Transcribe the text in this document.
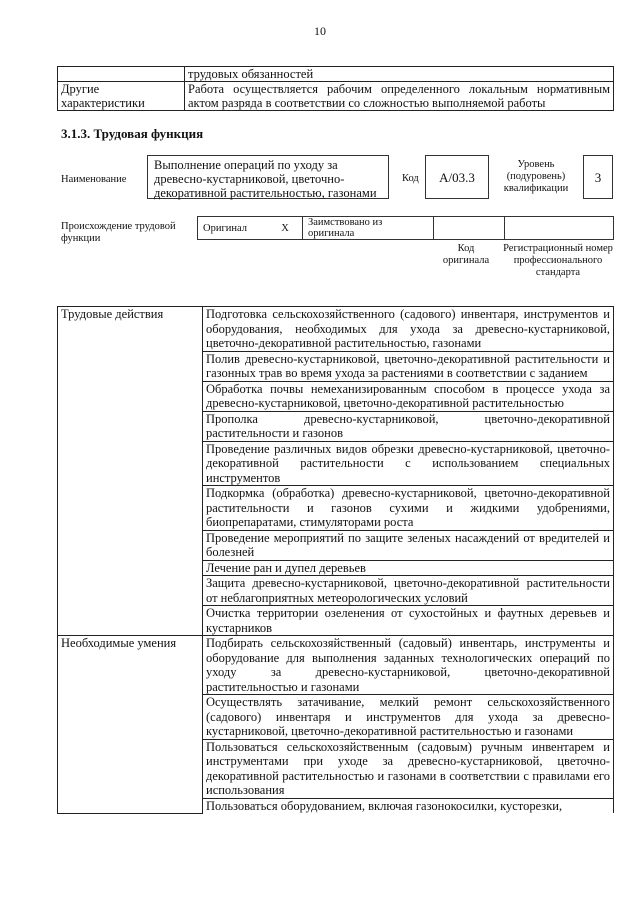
10
	трудовых обязанностей
Другие характеристики	Работа осуществляется рабочим определенного локальным нормативным актом разряда в соответствии со сложностью выполняемой работы
3.1.3. Трудовая функция
Наименование
Выполнение операций по уходу за древесно-кустарниковой, цветочно-декоративной растительностью, газонами
Код	А/03.3
Уровень (подуровень) квалификации
3
Происхождение трудовой функции
Оригинал	X	Заимствовано из оригинала		
Код оригинала
Регистрационный номер профессионального стандарта
Трудовые действия	Подготовка сельскохозяйственного (садового) инвентаря, инструментов и оборудования, необходимых для ухода за древесно-кустарниковой, цветочно-декоративной растительностью, газонами
	Полив древесно-кустарниковой, цветочно-декоративной растительности и газонных трав во время ухода за растениями в соответствии с заданием
	Обработка почвы немеханизированным способом в процессе ухода за древесно-кустарниковой, цветочно-декоративной растительностью
	Прополка древесно-кустарниковой, цветочно-декоративной растительности и газонов
	Проведение различных видов обрезки древесно-кустарниковой, цветочно-декоративной растительности с использованием специальных инструментов
	Подкормка (обработка) древесно-кустарниковой, цветочно-декоративной растительности и газонов сухими и жидкими удобрениями, биопрепаратами, стимуляторами роста
	Проведение мероприятий по защите зеленых насаждений от вредителей и болезней
	Лечение ран и дупел деревьев
	Защита древесно-кустарниковой, цветочно-декоративной растительности от неблагоприятных метеорологических условий
	Очистка территории озеленения от сухостойных и фаутных деревьев и кустарников
Необходимые умения	Подбирать сельскохозяйственный (садовый) инвентарь, инструменты и оборудование для выполнения заданных технологических операций по уходу за древесно-кустарниковой, цветочно-декоративной растительностью и газонами
	Осуществлять затачивание, мелкий ремонт сельскохозяйственного (садового) инвентаря и инструментов для ухода за древесно-кустарниковой, цветочно-декоративной растительностью и газонами
	Пользоваться сельскохозяйственным (садовым) ручным инвентарем и инструментами при уходе за древесно-кустарниковой, цветочно-декоративной растительностью и газонами в соответствии с правилами его использования
	Пользоваться оборудованием, включая газонокосилки, кусторезки,
